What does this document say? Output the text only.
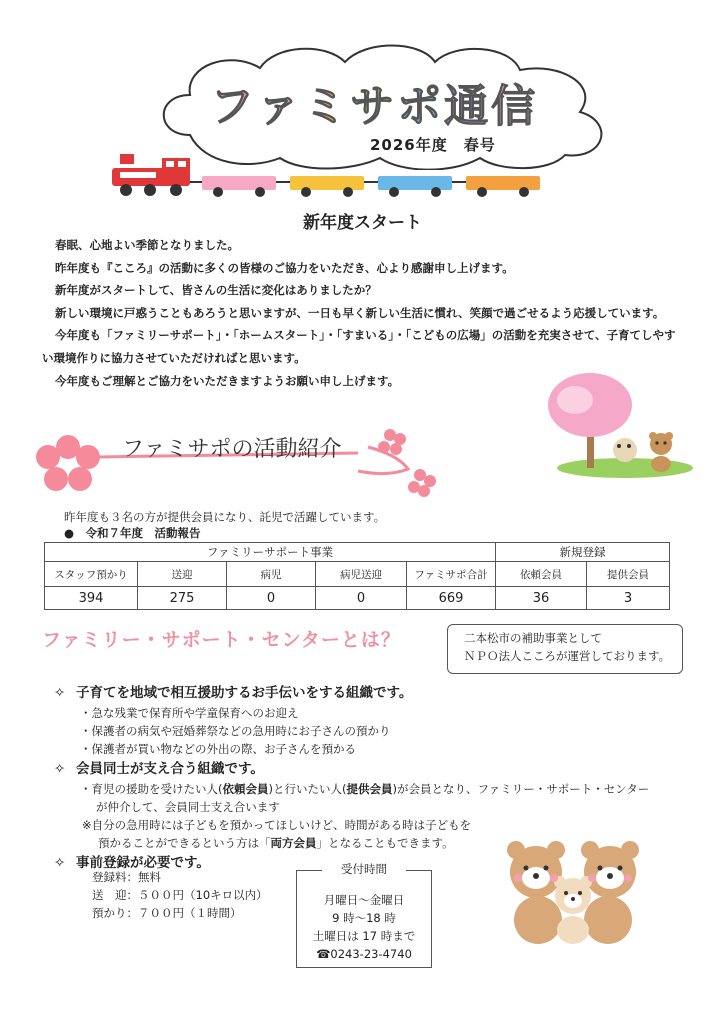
ファミサポ通信
2026年度　春号
新年度スタート

春眠、心地よい季節となりました。

昨年度も『こころ』の活動に多くの皆様のご協力をいただき、心より感謝申し上げます。

新年度がスタートして、皆さんの生活に変化はありましたか？

新しい環境に戸惑うこともあろうと思いますが、一日も早く新しい生活に慣れ、笑顔で過ごせるよう応援しています。

今年度も「ファミリーサポート」・「ホームスタート」・「すまいる」・「こどもの広場」の活動を充実させて、子育てしやすい環境作りに協力させていただければと思います。

今年度もご理解とご協力をいただきますようお願い申し上げます。

ファミサポの活動紹介
昨年度も３名の方が提供会員になり、託児で活躍しています。
●　令和７年度　活動報告
ファミリーサポート事業					新規登録	
スタッフ預かり	送迎	病児	病児送迎	ファミサポ合計	依頼会員	提供会員
394	275	0	0	669	36	3
ファミリー・サポート・センターとは？	二本松市の補助事業として
ＮＰＯ法人こころが運営しております。
✧ 子育てを地域で相互援助するお手伝いをする組織です。
・急な残業で保育所や学童保育へのお迎え
・保護者の病気や冠婚葬祭などの急用時にお子さんの預かり
・保護者が買い物などの外出の際、お子さんを預かる
✧ 会員同士が支え合う組織です。
・育児の援助を受けたい人(依頼会員)と行いたい人(提供会員)が会員となり、ファミリー・サポート・センター
が仲介して、会員同士支え合います
※自分の急用時には子どもを預かってほしいけど、時間がある時は子どもを
預かることができるという方は「両方会員」となることもできます。
✧ 事前登録が必要です。
登録料：無料
送　迎：５００円（10キロ以内）
預かり：７００円（１時間）
月曜日～金曜日
9 時～18 時
土曜日は 17 時まで
☎0243-23-4740
受付時間
